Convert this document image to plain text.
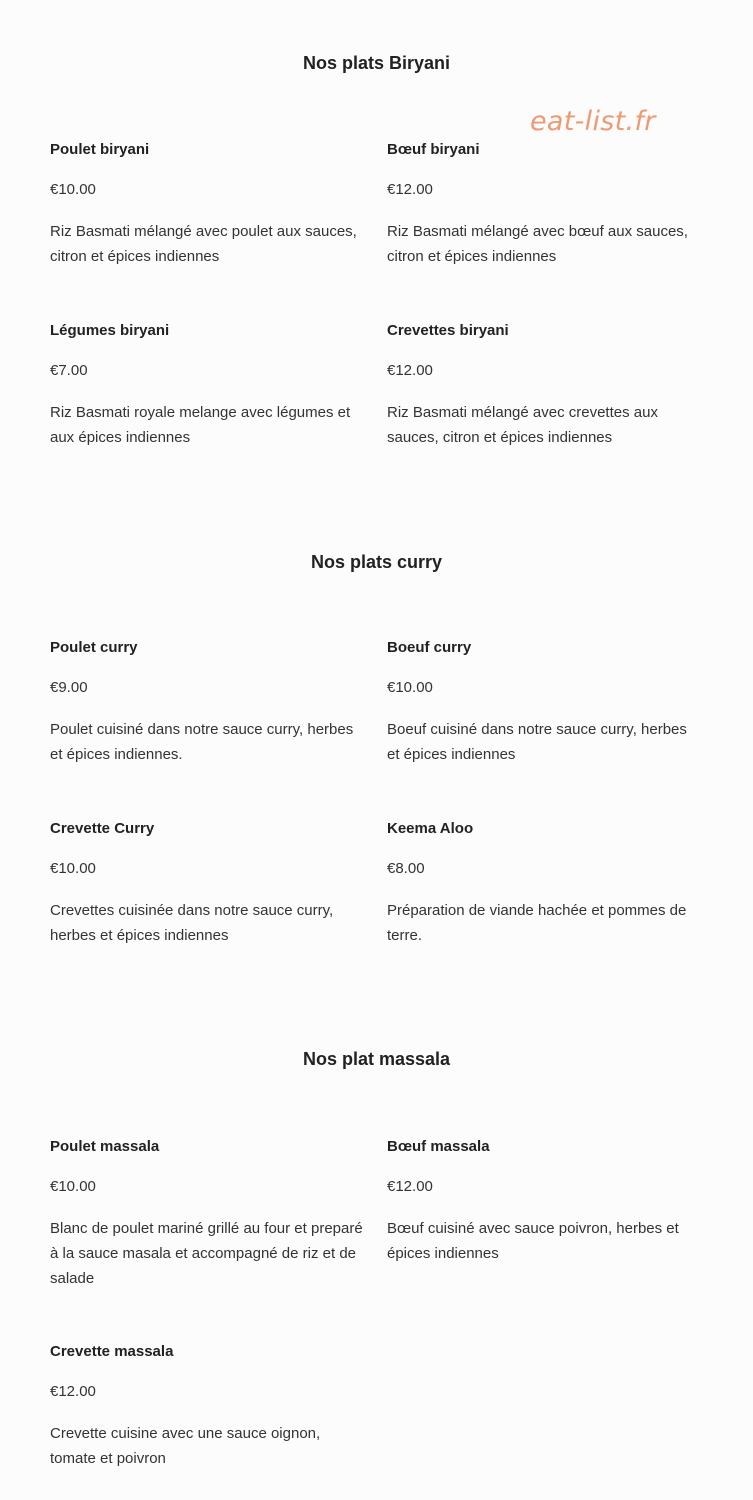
eat-list.fr
Nos plats Biryani
Poulet biryani
€10.00
Riz Basmati mélangé avec poulet aux sauces, citron et épices indiennes
Bœuf biryani
€12.00
Riz Basmati mélangé avec bœuf aux sauces, citron et épices indiennes
Légumes biryani
€7.00
Riz Basmati royale melange avec légumes et aux épices indiennes
Crevettes biryani
€12.00
Riz Basmati mélangé avec crevettes aux sauces, citron et épices indiennes
Nos plats curry
Poulet curry
€9.00
Poulet cuisiné dans notre sauce curry, herbes et épices indiennes.
Boeuf curry
€10.00
Boeuf cuisiné dans notre sauce curry, herbes et épices indiennes
Crevette Curry
€10.00
Crevettes cuisinée dans notre sauce curry, herbes et épices indiennes
Keema Aloo
€8.00
Préparation de viande hachée et pommes de terre.
Nos plat massala
Poulet massala
€10.00
Blanc de poulet mariné grillé au four et preparé à la sauce masala et accompagné de riz et de salade
Bœuf massala
€12.00
Bœuf cuisiné avec sauce poivron, herbes et épices indiennes
Crevette massala
€12.00
Crevette cuisine avec une sauce oignon, tomate et poivron
